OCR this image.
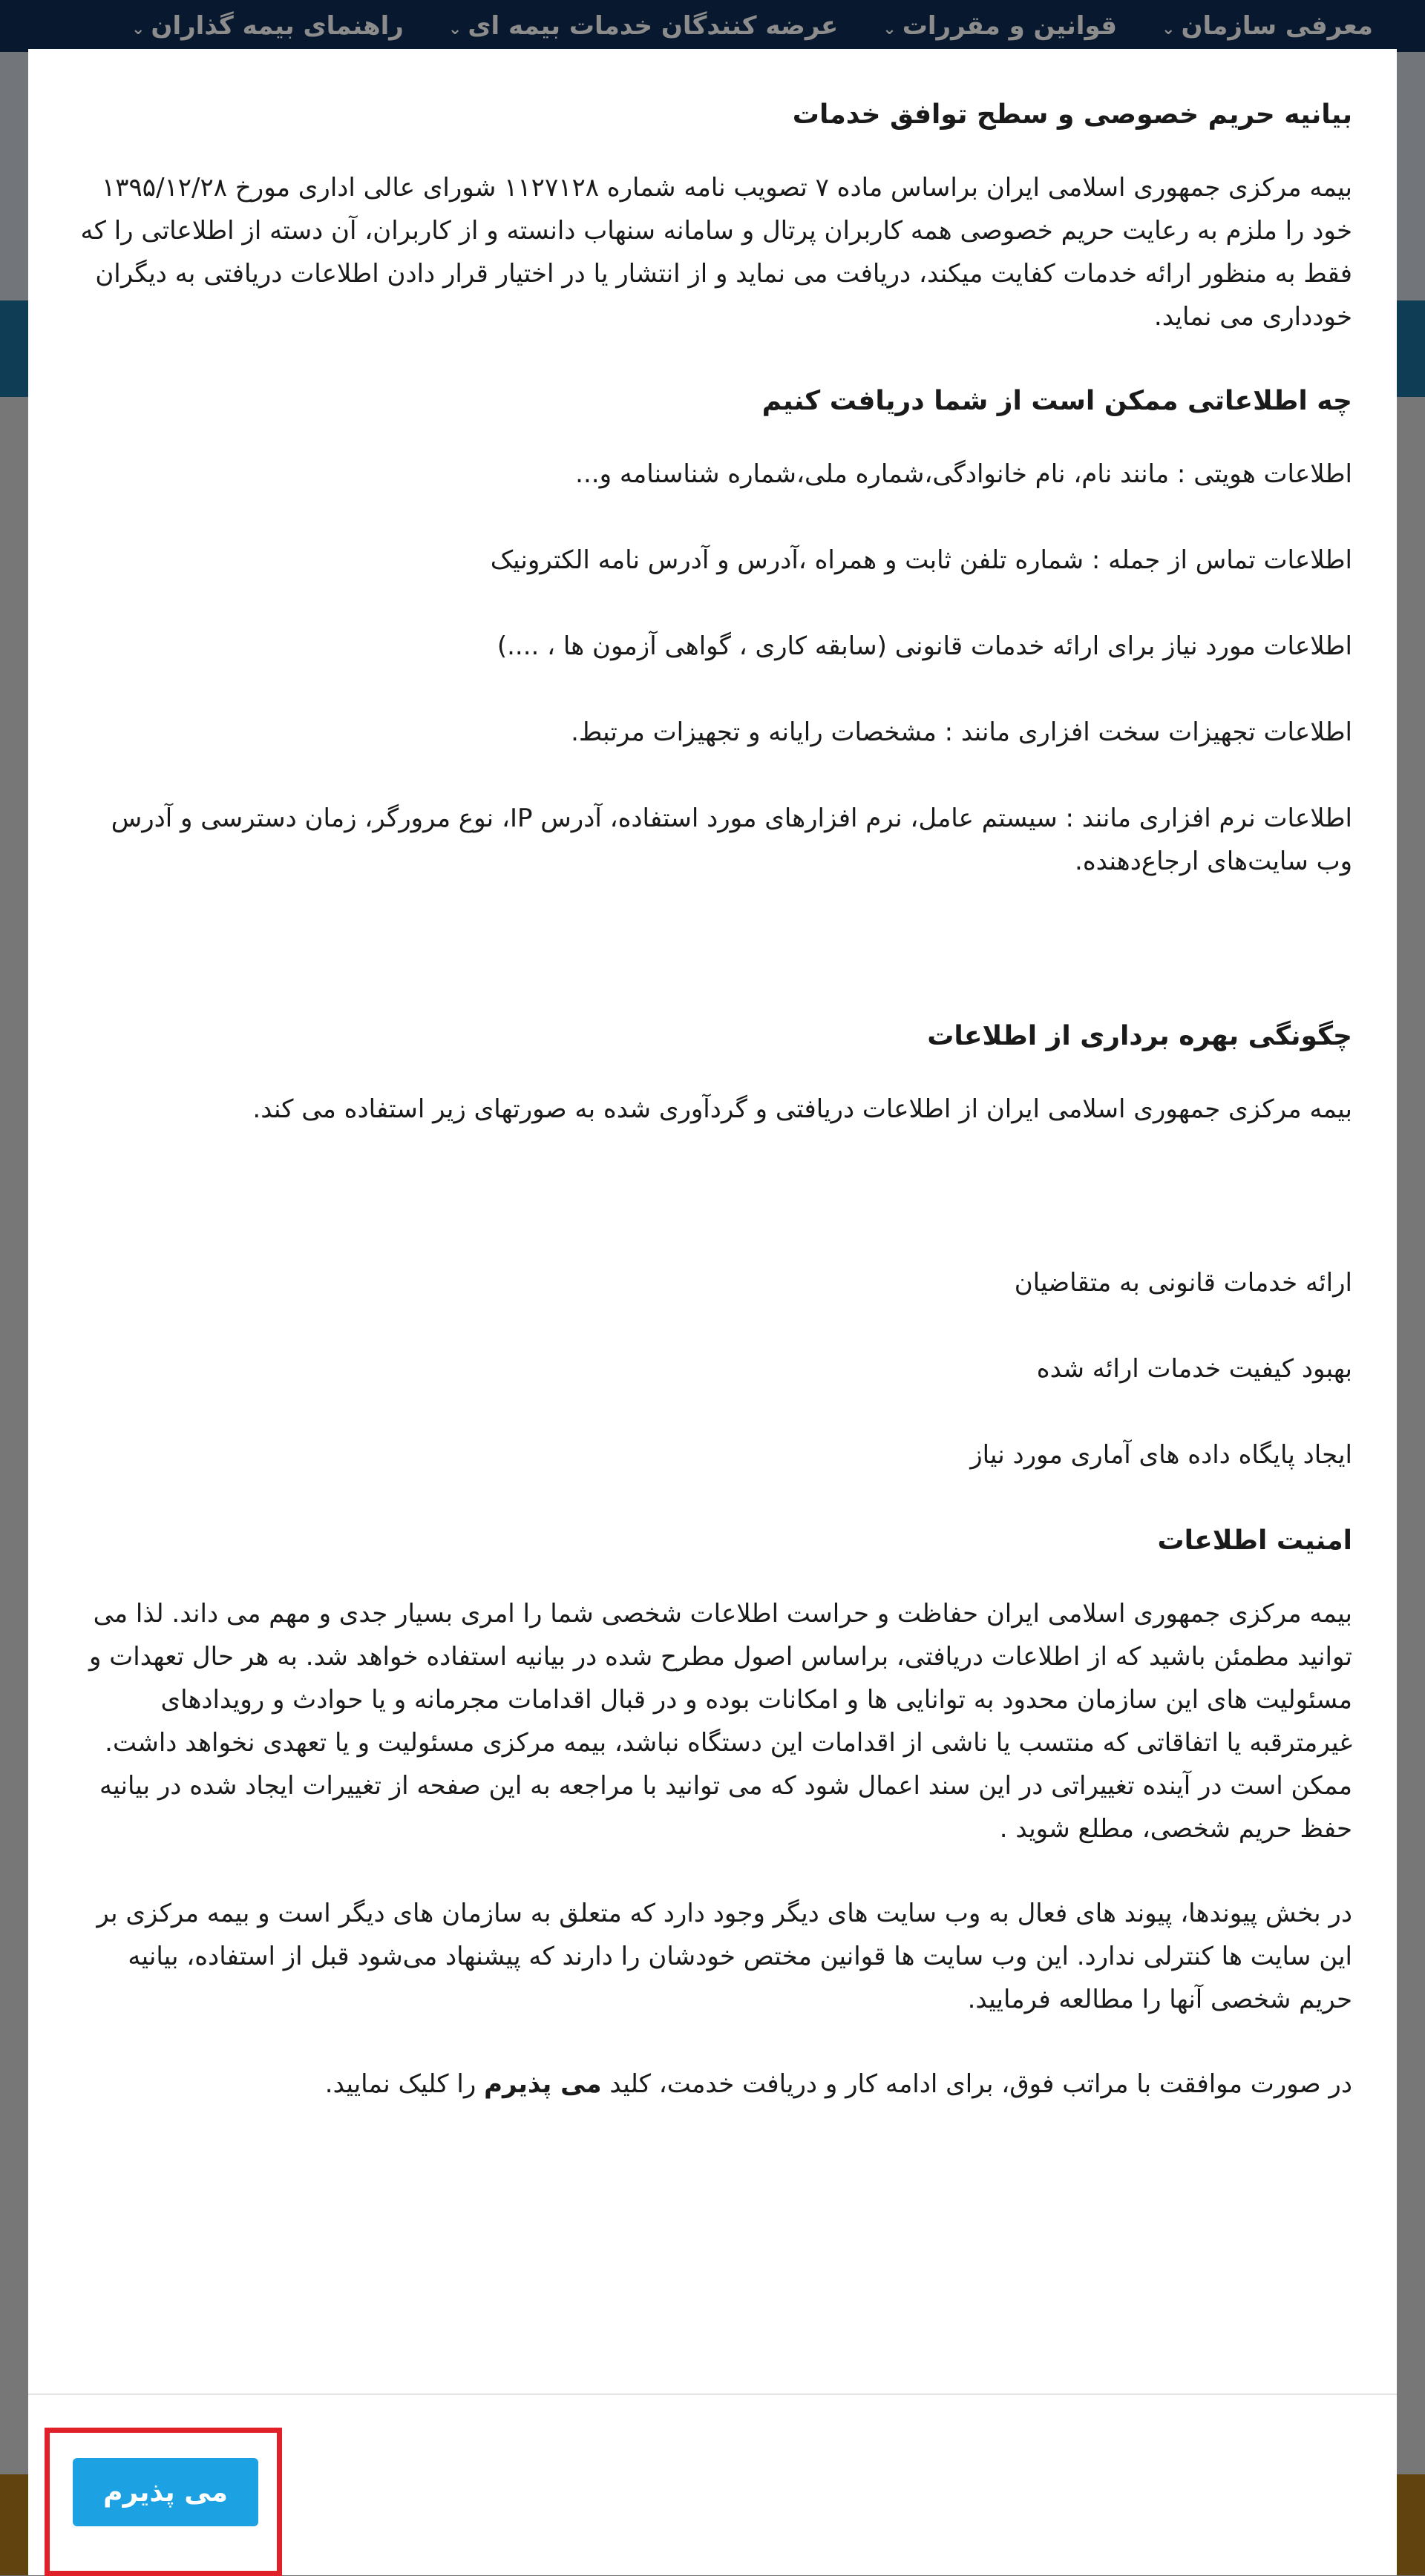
معرفی سازمان⌄
قوانین و مقررات⌄
عرضه کنندگان خدمات بیمه ای⌄
راهنمای بیمه گذاران⌄
بیانیه حریم خصوصی و سطح توافق خدمات

بیمه مرکزی جمهوری اسلامی ایران براساس ماده ۷ تصویب نامه شماره ۱۱۲۷۱۲۸ شورای عالی اداری مورخ ۱۳۹۵/۱۲/۲۸ خود را ملزم به رعایت حریم خصوصی همه کاربران پرتال و سامانه سنهاب دانسته و از کاربران، آن دسته از اطلاعاتی را که فقط به منظور ارائه خدمات کفایت میکند، دریافت می نماید و از انتشار یا در اختیار قرار دادن اطلاعات دریافتی به دیگران خودداری می نماید.

چه اطلاعاتی ممکن است از شما دریافت کنیم
اطلاعات هویتی : مانند نام، نام خانوادگی،شماره ملی،شماره شناسنامه و...
اطلاعات تماس از جمله : شماره تلفن ثابت و همراه ،آدرس و آدرس نامه الکترونیک
اطلاعات مورد نیاز برای ارائه خدمات قانونی (سابقه کاری ، گواهی آزمون ها ، ....)
اطلاعات تجهیزات سخت افزاری مانند : مشخصات رایانه و تجهیزات مرتبط.
اطلاعات نرم افزاری مانند : سیستم عامل، نرم افزارهای مورد استفاده، آدرس IP، نوع مرورگر، زمان دسترسی و آدرس وب سایت‌های ارجاع‌دهنده.
چگونگی بهره برداری از اطلاعات

بیمه مرکزی جمهوری اسلامی ایران از اطلاعات دریافتی و گردآوری شده به صورتهای زیر استفاده می کند.

ارائه خدمات قانونی به متقاضیان
بهبود کیفیت خدمات ارائه شده
ایجاد پایگاه داده های آماری مورد نیاز
امنیت اطلاعات

بیمه مرکزی جمهوری اسلامی ایران حفاظت و حراست اطلاعات شخصی شما را امری بسیار جدی و مهم می داند. لذا می توانید مطمئن باشید که از اطلاعات دریافتی، براساس اصول مطرح شده در بیانیه استفاده خواهد شد. به هر حال تعهدات و مسئولیت های این سازمان محدود به توانایی ها و امکانات بوده و در قبال اقدامات مجرمانه و یا حوادث و رویدادهای غیرمترقبه یا اتفاقاتی که منتسب یا ناشی از اقدامات این دستگاه نباشد، بیمه مرکزی مسئولیت و یا تعهدی نخواهد داشت. ممکن است در آینده تغییراتی در این سند اعمال شود که می توانید با مراجعه به این صفحه از تغییرات ایجاد شده در بیانیه حفظ حریم شخصی، مطلع شوید .

در بخش پیوندها، پیوند های فعال به وب سایت های دیگر وجود دارد که متعلق به سازمان های دیگر است و بیمه مرکزی بر این سایت ها کنترلی ندارد. این وب سایت ها قوانین مختص خودشان را دارند که پیشنهاد می‌شود قبل از استفاده، بیانیه حریم شخصی آنها را مطالعه فرمایید.

در صورت موافقت با مراتب فوق، برای ادامه کار و دریافت خدمت، کلید می پذیرم را کلیک نمایید.

می پذیرم
